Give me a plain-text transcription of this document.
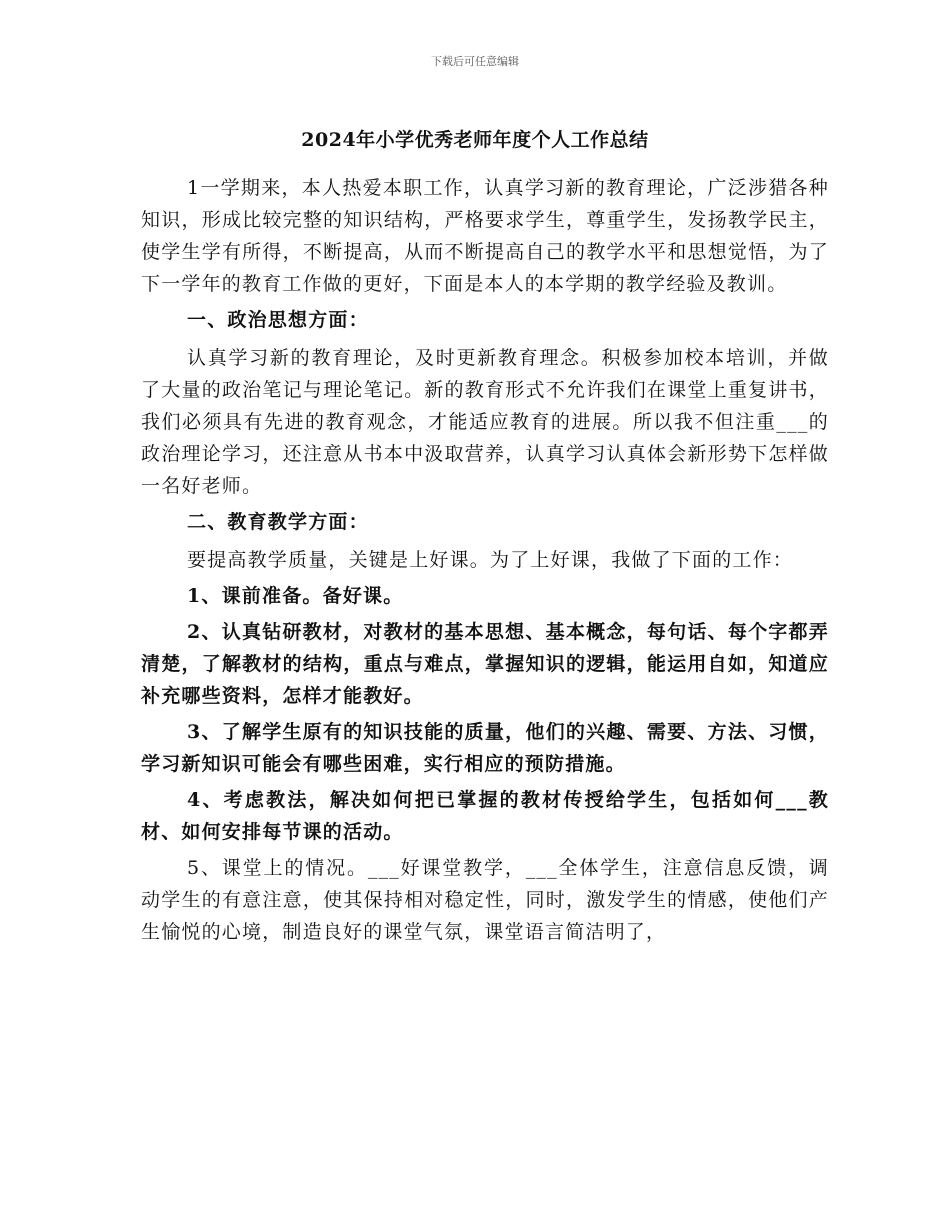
下载后可任意编辑
2024年小学优秀老师年度个人工作总结

1一学期来，本人热爱本职工作，认真学习新的教育理论，广泛涉猎各种知识，形成比较完整的知识结构，严格要求学生，尊重学生，发扬教学民主，使学生学有所得，不断提高，从而不断提高自己的教学水平和思想觉悟，为了下一学年的教育工作做的更好，下面是本人的本学期的教学经验及教训。

一、政治思想方面：

认真学习新的教育理论，及时更新教育理念。积极参加校本培训，并做了大量的政治笔记与理论笔记。新的教育形式不允许我们在课堂上重复讲书，我们必须具有先进的教育观念，才能适应教育的进展。所以我不但注重___的政治理论学习，还注意从书本中汲取营养，认真学习认真体会新形势下怎样做一名好老师。

二、教育教学方面：

要提高教学质量，关键是上好课。为了上好课，我做了下面的工作：

1、课前准备。备好课。

2、认真钻研教材，对教材的基本思想、基本概念，每句话、每个字都弄清楚，了解教材的结构，重点与难点，掌握知识的逻辑，能运用自如，知道应补充哪些资料，怎样才能教好。

3、了解学生原有的知识技能的质量，他们的兴趣、需要、方法、习惯，学习新知识可能会有哪些困难，实行相应的预防措施。

4、考虑教法，解决如何把已掌握的教材传授给学生，包括如何___教材、如何安排每节课的活动。

5、课堂上的情况。___好课堂教学，___全体学生，注意信息反馈，调动学生的有意注意，使其保持相对稳定性，同时，激发学生的情感，使他们产生愉悦的心境，制造良好的课堂气氛，课堂语言简洁明了，
